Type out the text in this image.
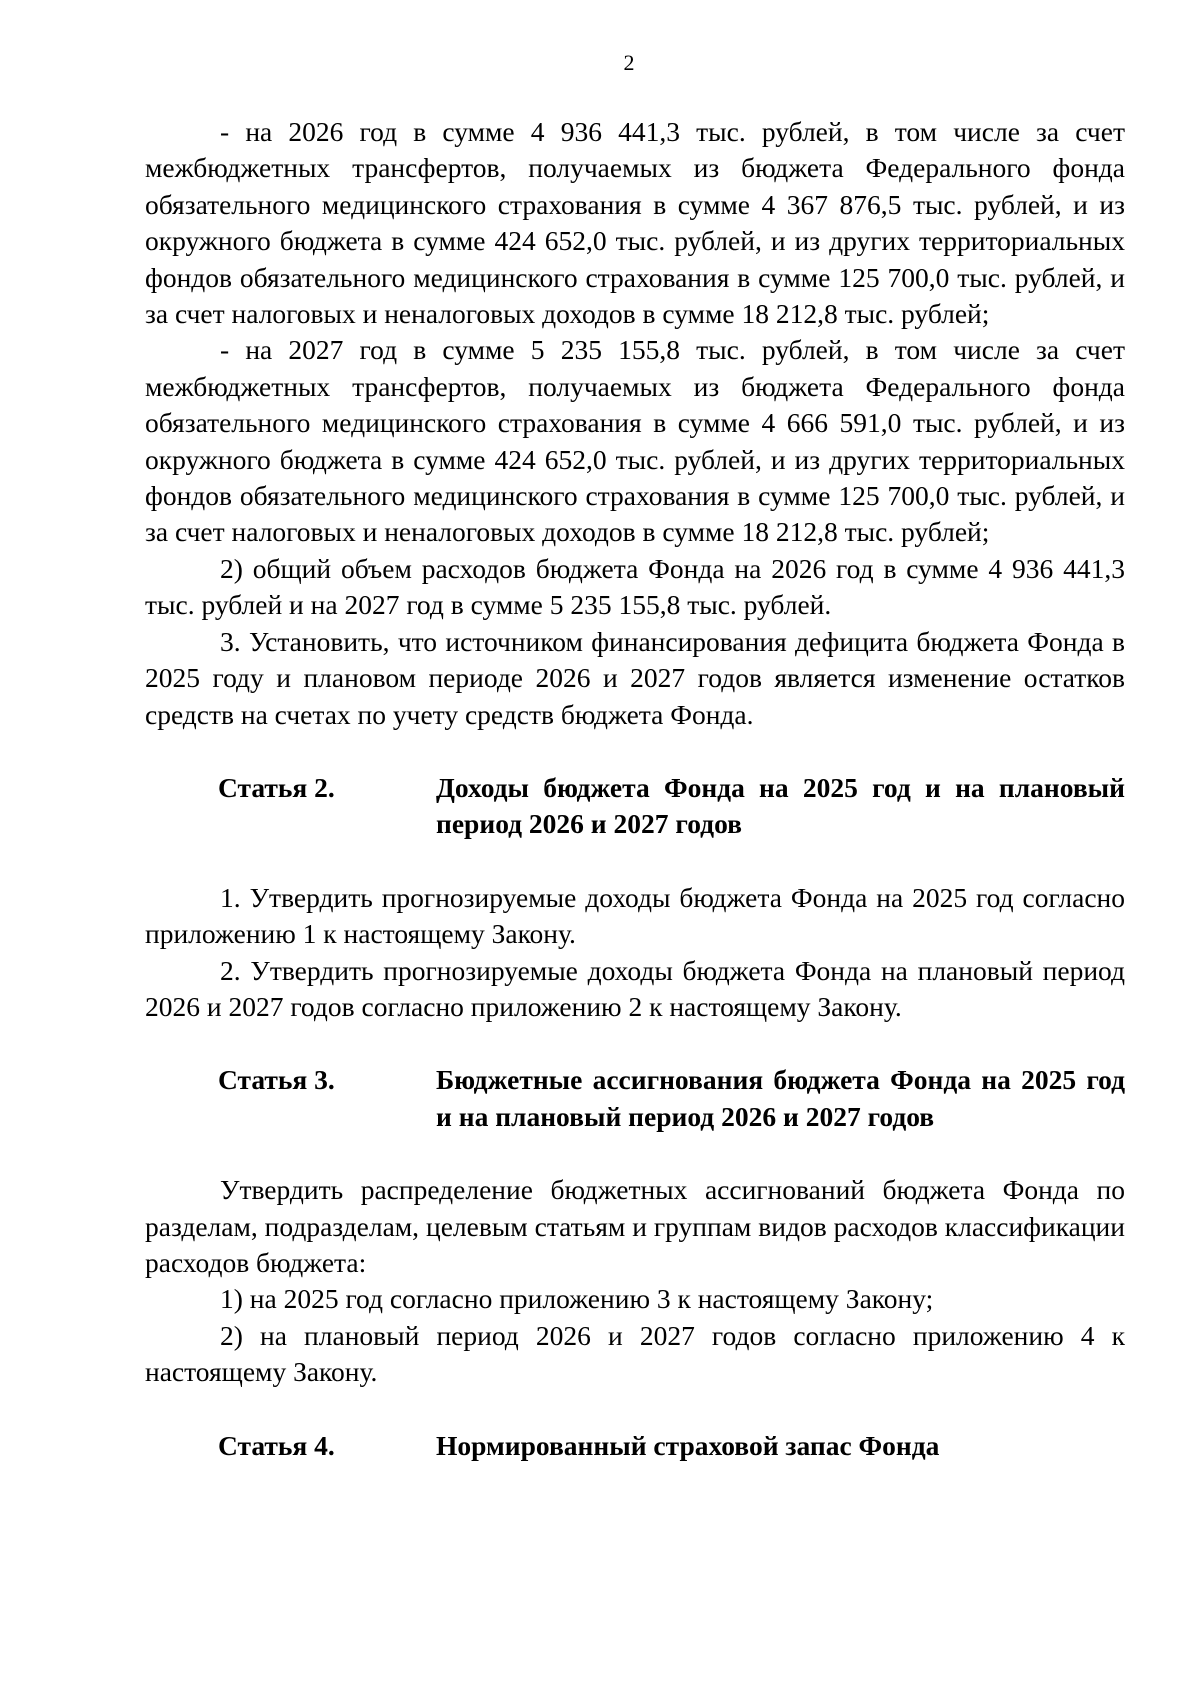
2

- на 2026 год в сумме 4 936 441,3 тыс. рублей, в том числе за счет межбюджетных трансфертов, получаемых из бюджета Федерального фонда обязательного медицинского страхования в сумме 4 367 876,5 тыс. рублей, и из окружного бюджета в сумме 424 652,0 тыс. рублей, и из других территориальных фондов обязательного медицинского страхования в сумме 125 700,0 тыс. рублей, и за счет налоговых и неналоговых доходов в сумме 18 212,8 тыс. рублей;

- на 2027 год в сумме 5 235 155,8 тыс. рублей, в том числе за счет межбюджетных трансфертов, получаемых из бюджета Федерального фонда обязательного медицинского страхования в сумме 4 666 591,0 тыс. рублей, и из окружного бюджета в сумме 424 652,0 тыс. рублей, и из других территориальных фондов обязательного медицинского страхования в сумме 125 700,0 тыс. рублей, и за счет налоговых и неналоговых доходов в сумме 18 212,8 тыс. рублей;

2) общий объем расходов бюджета Фонда на 2026 год в сумме 4 936 441,3 тыс. рублей и на 2027 год в сумме 5 235 155,8 тыс. рублей.

3. Установить, что источником финансирования дефицита бюджета Фонда в 2025 году и плановом периоде 2026 и 2027 годов является изменение остатков средств на счетах по учету средств бюджета Фонда.

Статья 2.	Доходы бюджета Фонда на 2025 год и на плановый период 2026 и 2027 годов

1. Утвердить прогнозируемые доходы бюджета Фонда на 2025 год согласно приложению 1 к настоящему Закону.

2. Утвердить прогнозируемые доходы бюджета Фонда на плановый период 2026 и 2027 годов согласно приложению 2 к настоящему Закону.

Статья 3.	Бюджетные ассигнования бюджета Фонда на 2025 год и на плановый период 2026 и 2027 годов

Утвердить распределение бюджетных ассигнований бюджета Фонда по разделам, подразделам, целевым статьям и группам видов расходов классификации расходов бюджета:

1) на 2025 год согласно приложению 3 к настоящему Закону;

2) на плановый период 2026 и 2027 годов согласно приложению 4 к настоящему Закону.

Статья 4.	Нормированный страховой запас Фонда
